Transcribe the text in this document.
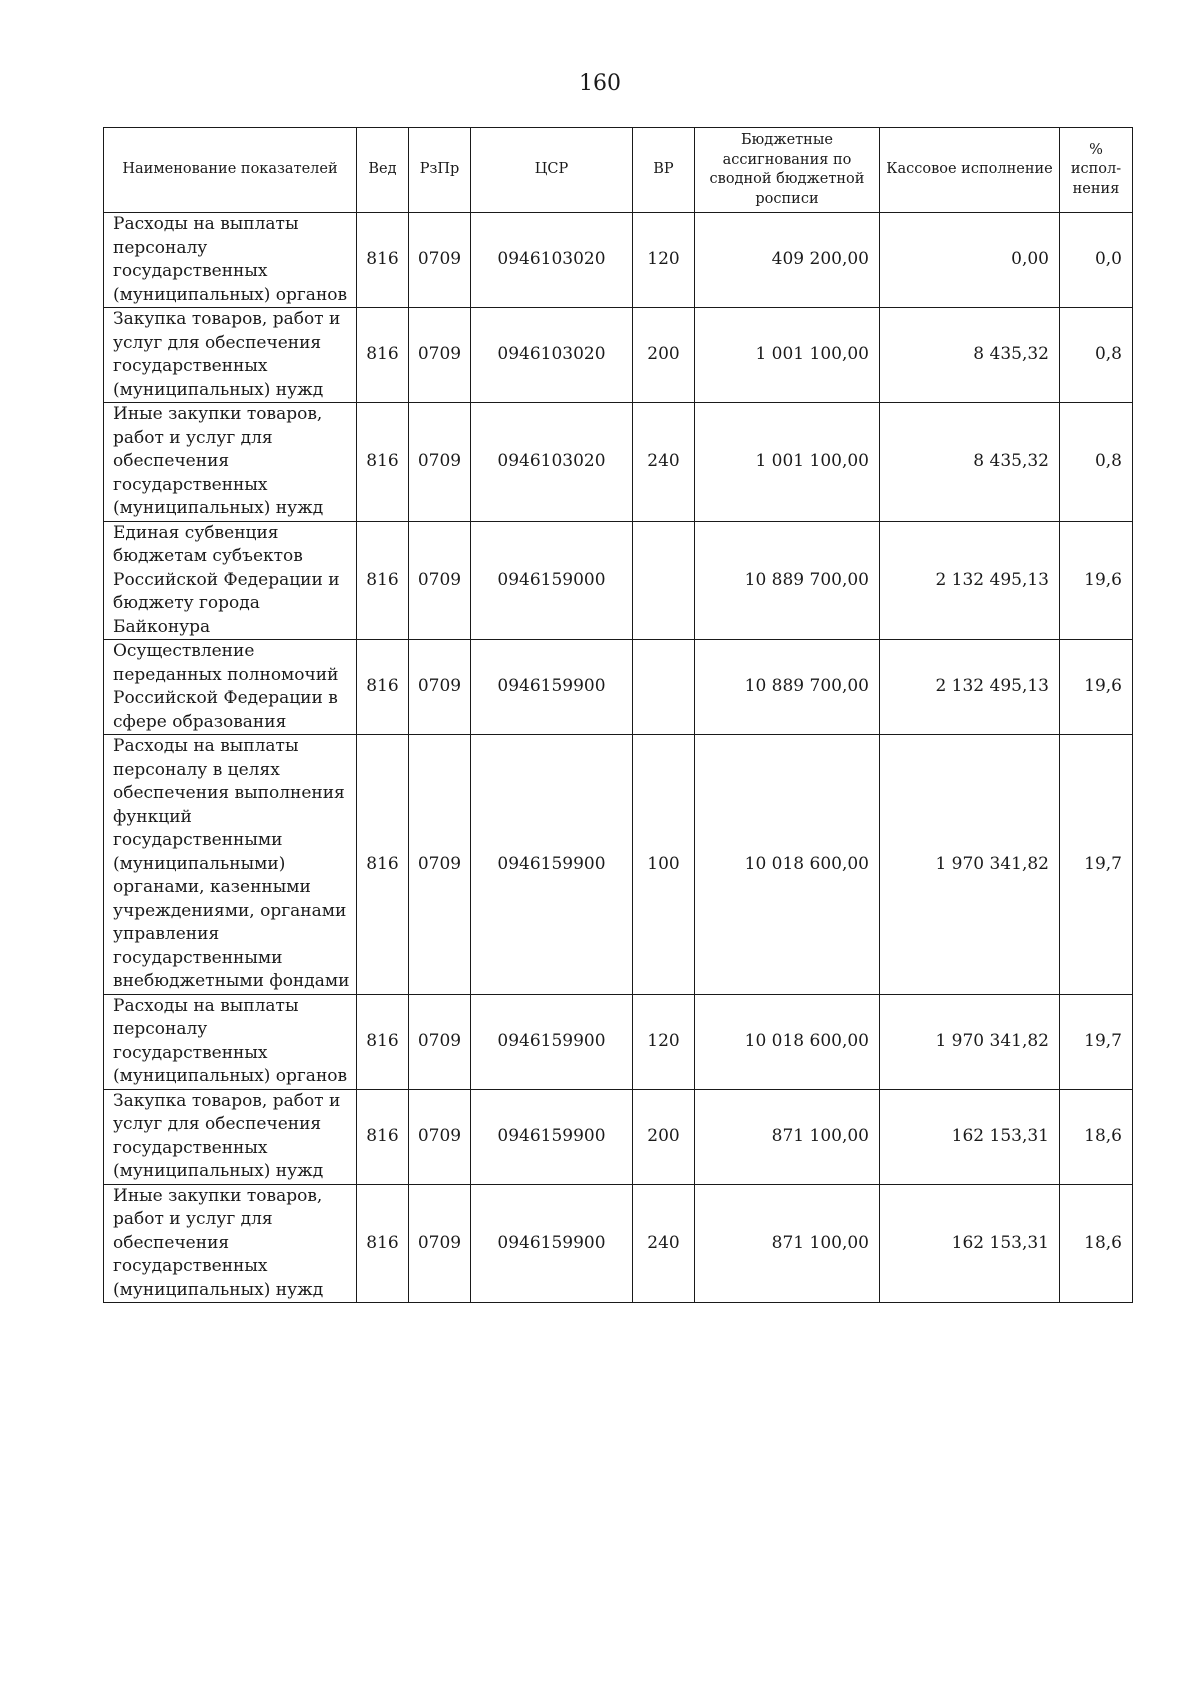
160
Наименование показателей	Вед	РзПр	ЦСР	ВР	Бюджетные ассигнования по сводной бюджетной росписи	Кассовое исполнение	% испол-нения
Расходы на выплаты персоналу государственных (муниципальных) органов	816	0709	0946103020	120	409 200,00	0,00	0,0
Закупка товаров, работ и услуг для обеспечения государственных (муниципальных) нужд	816	0709	0946103020	200	1 001 100,00	8 435,32	0,8
Иные закупки товаров, работ и услуг для обеспечения государственных (муниципальных) нужд	816	0709	0946103020	240	1 001 100,00	8 435,32	0,8
Единая субвенция бюджетам субъектов Российской Федерации и бюджету города Байконура	816	0709	0946159000		10 889 700,00	2 132 495,13	19,6
Осуществление переданных полномочий Российской Федерации в сфере образования	816	0709	0946159900		10 889 700,00	2 132 495,13	19,6
Расходы на выплаты персоналу в целях обеспечения выполнения функций государственными (муниципальными) органами, казенными учреждениями, органами управления государственными внебюджетными фондами	816	0709	0946159900	100	10 018 600,00	1 970 341,82	19,7
Расходы на выплаты персоналу государственных (муниципальных) органов	816	0709	0946159900	120	10 018 600,00	1 970 341,82	19,7
Закупка товаров, работ и услуг для обеспечения государственных (муниципальных) нужд	816	0709	0946159900	200	871 100,00	162 153,31	18,6
Иные закупки товаров, работ и услуг для обеспечения государственных (муниципальных) нужд	816	0709	0946159900	240	871 100,00	162 153,31	18,6
